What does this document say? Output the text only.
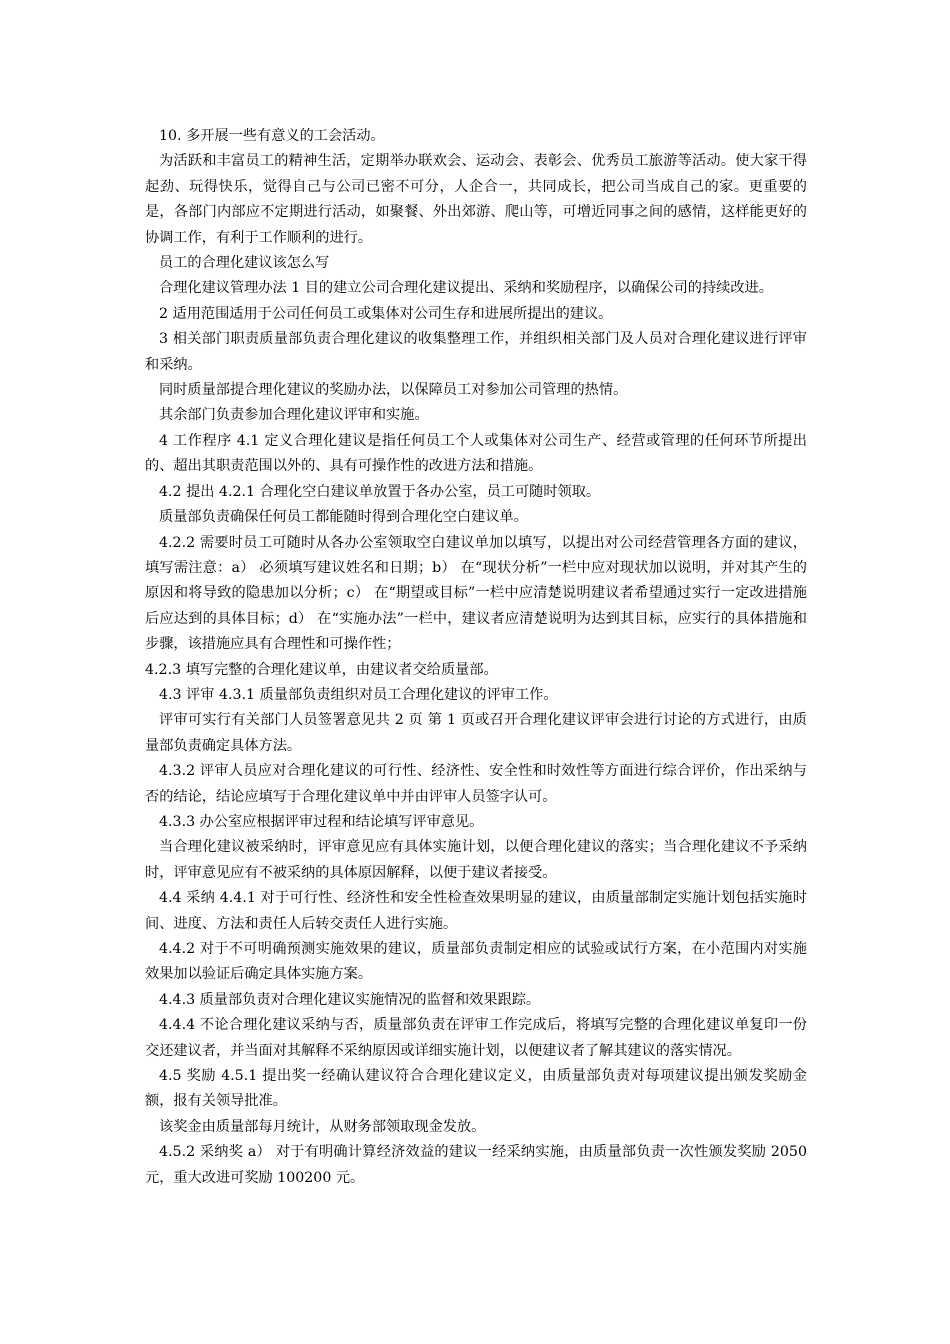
10. 多开展一些有意义的工会活动。

为活跃和丰富员工的精神生活，定期举办联欢会、运动会、表彰会、优秀员工旅游等活动。使大家干得起劲、玩得快乐，觉得自己与公司已密不可分，人企合一，共同成长，把公司当成自己的家。更重要的是，各部门内部应不定期进行活动，如聚餐、外出郊游、爬山等，可增近同事之间的感情，这样能更好的协调工作，有利于工作顺利的进行。

员工的合理化建议该怎么写

合理化建议管理办法 1 目的建立公司合理化建议提出、采纳和奖励程序，以确保公司的持续改进。

2 适用范围适用于公司任何员工或集体对公司生存和进展所提出的建议。

3 相关部门职责质量部负责合理化建议的收集整理工作，并组织相关部门及人员对合理化建议进行评审和采纳。

同时质量部提合理化建议的奖励办法，以保障员工对参加公司管理的热情。

其余部门负责参加合理化建议评审和实施。

4 工作程序 4.1 定义合理化建议是指任何员工个人或集体对公司生产、经营或管理的任何环节所提出的、超出其职责范围以外的、具有可操作性的改进方法和措施。

4.2 提出 4.2.1 合理化空白建议单放置于各办公室，员工可随时领取。

质量部负责确保任何员工都能随时得到合理化空白建议单。

4.2.2 需要时员工可随时从各办公室领取空白建议单加以填写，以提出对公司经营管理各方面的建议，填写需注意：a） 必须填写建议姓名和日期；b） 在“现状分析”一栏中应对现状加以说明，并对其产生的原因和将导致的隐患加以分析；c） 在“期望或目标”一栏中应清楚说明建议者希望通过实行一定改进措施后应达到的具体目标；d） 在“实施办法”一栏中，建议者应清楚说明为达到其目标，应实行的具体措施和步骤，该措施应具有合理性和可操作性；

4.2.3 填写完整的合理化建议单，由建议者交给质量部。

4.3 评审 4.3.1 质量部负责组织对员工合理化建议的评审工作。

评审可实行有关部门人员签署意见共 2 页 第 1 页或召开合理化建议评审会进行讨论的方式进行，由质量部负责确定具体方法。

4.3.2 评审人员应对合理化建议的可行性、经济性、安全性和时效性等方面进行综合评价，作出采纳与否的结论，结论应填写于合理化建议单中并由评审人员签字认可。

4.3.3 办公室应根据评审过程和结论填写评审意见。

当合理化建议被采纳时，评审意见应有具体实施计划，以便合理化建议的落实；当合理化建议不予采纳时，评审意见应有不被采纳的具体原因解释，以便于建议者接受。

4.4 采纳 4.4.1 对于可行性、经济性和安全性检查效果明显的建议，由质量部制定实施计划包括实施时间、进度、方法和责任人后转交责任人进行实施。

4.4.2 对于不可明确预测实施效果的建议，质量部负责制定相应的试验或试行方案，在小范围内对实施效果加以验证后确定具体实施方案。

4.4.3 质量部负责对合理化建议实施情况的监督和效果跟踪。

4.4.4 不论合理化建议采纳与否，质量部负责在评审工作完成后，将填写完整的合理化建议单复印一份交还建议者，并当面对其解释不采纳原因或详细实施计划，以便建议者了解其建议的落实情况。

4.5 奖励 4.5.1 提出奖一经确认建议符合合理化建议定义，由质量部负责对每项建议提出颁发奖励金额，报有关领导批准。

该奖金由质量部每月统计，从财务部领取现金发放。

4.5.2 采纳奖 a） 对于有明确计算经济效益的建议一经采纳实施，由质量部负责一次性颁发奖励 2050 元，重大改进可奖励 100200 元。
